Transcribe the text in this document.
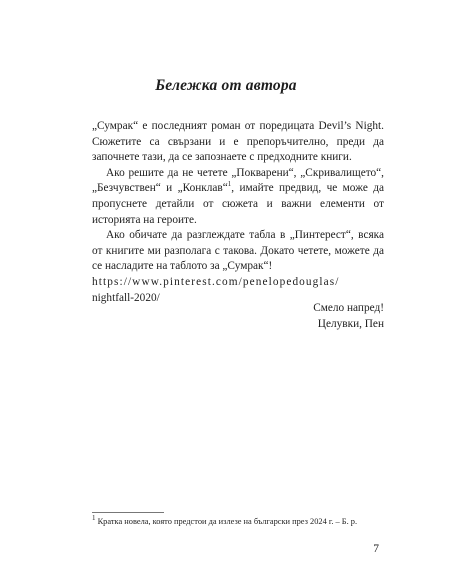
Бележка от автора

„Сумрак“ е последният роман от поредицата Devil’s Night. Сюжетите са свързани и е препоръчително, преди да започнете тази, да се запознаете с предходните книги.

Ако решите да не четете „Покварени“, „Скривалището“, „Безчувствен“ и „Конклав“$^1$, имайте предвид, че може да пропуснете детайли от сюжета и важни елементи от историята на героите.

Ако обичате да разглеждате табла в „Пинтерест“, всяка от книгите ми разполага с такова. Докато четете, можете да се насладите на таблото за „Сумрак“!

https://www.pinterest.com/penelopedouglas/

nightfall-2020/

Смело напред!
Целувки, Пен
$^1$ Кратка новела, която предстои да излезе на български през 2024 г. – Б. р.
7
